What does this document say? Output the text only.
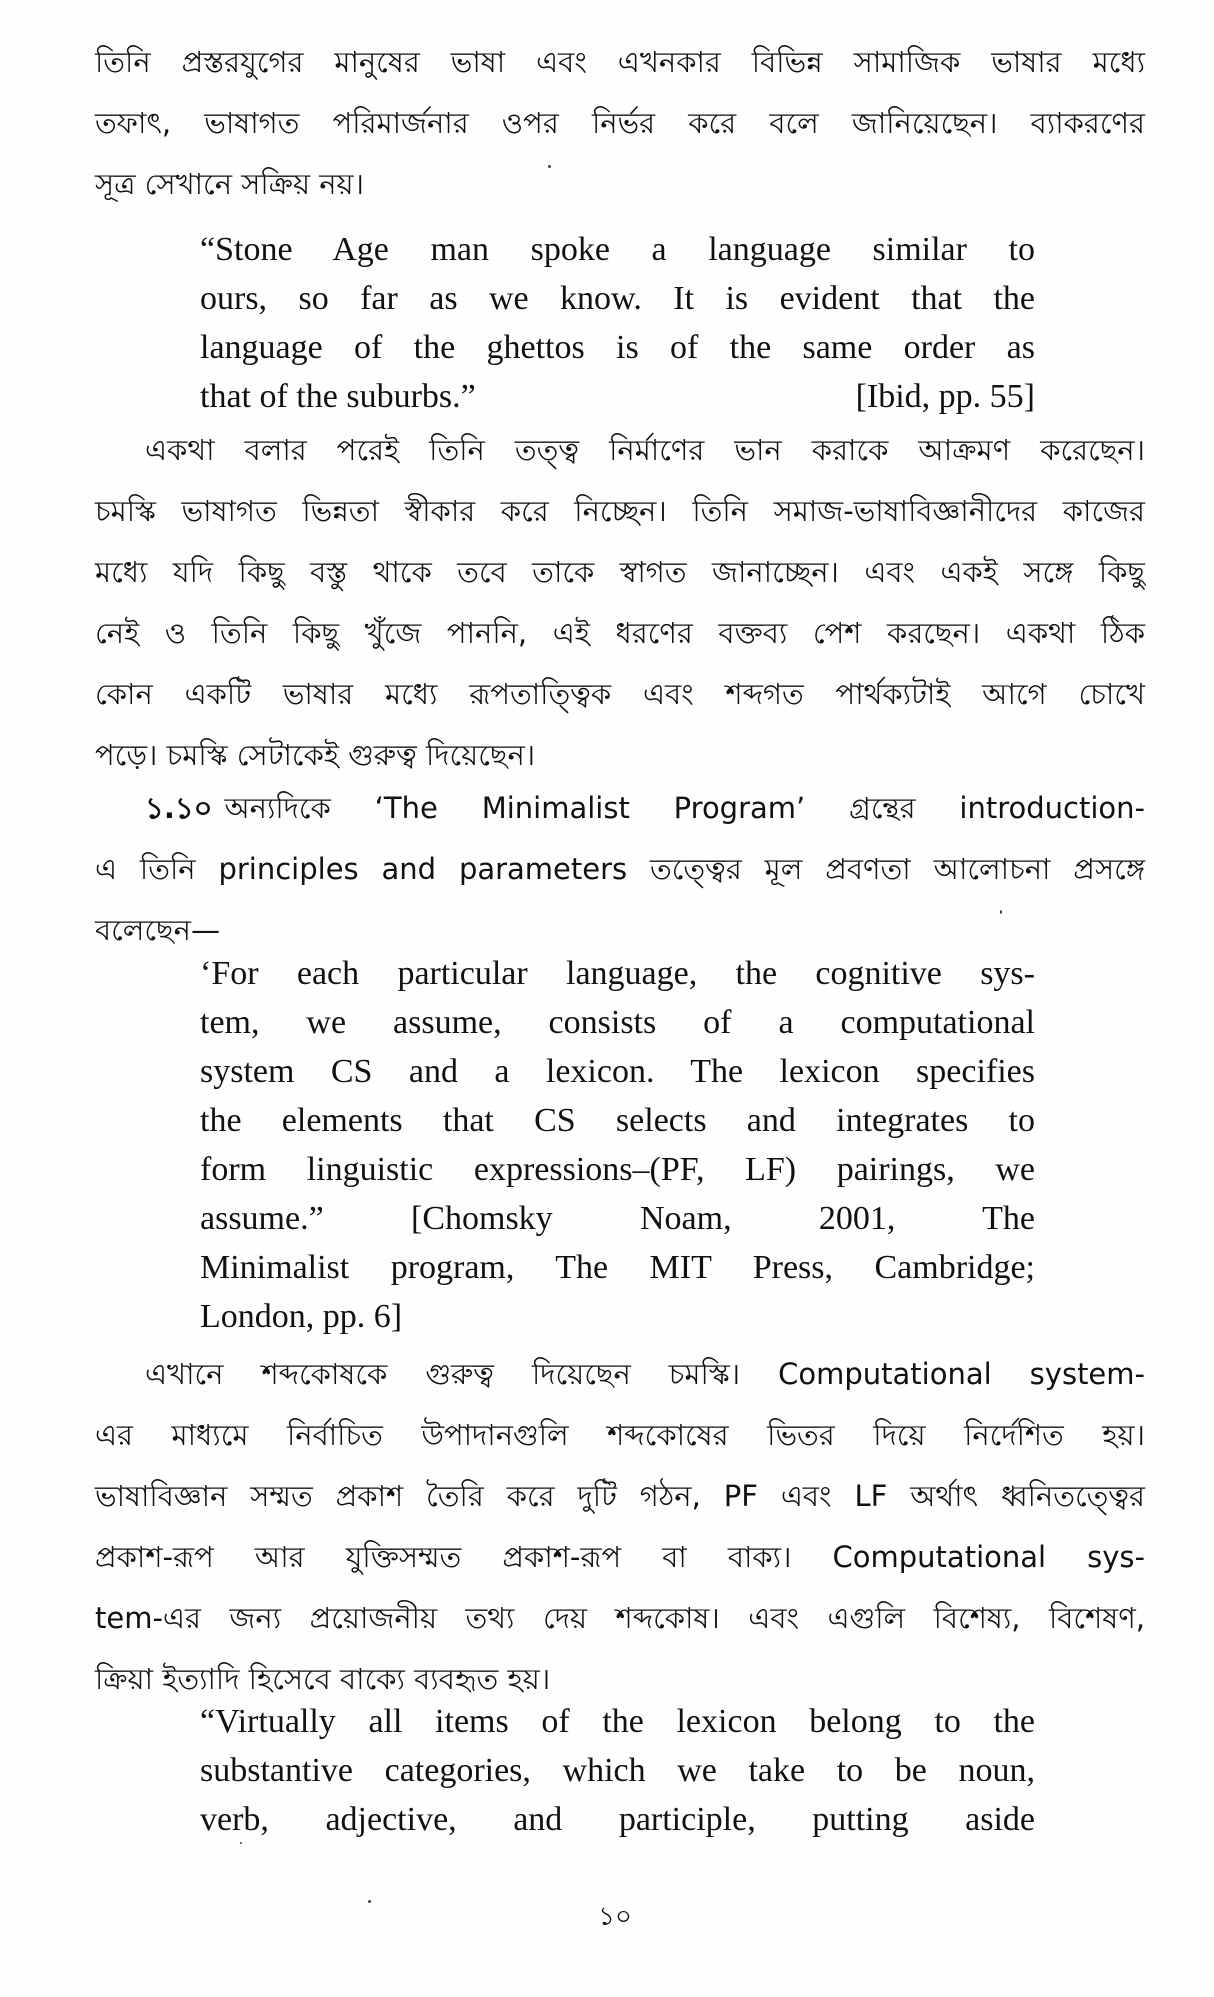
তিনি প্রস্তরযুগের মানুষের ভাষা এবং এখনকার বিভিন্ন সামাজিক ভাষার মধ্যে
তফাৎ, ভাষাগত পরিমার্জনার ওপর নির্ভর করে বলে জানিয়েছেন। ব্যাকরণের
সূত্র সেখানে সক্রিয় নয়।
“Stone Age man spoke a language similar to
ours, so far as we know. It is evident that the
language of the ghettos is of the same order as
that of the suburbs.”	[Ibid, pp. 55]
একথা বলার পরেই তিনি তত্ত্ব নির্মাণের ভান করাকে আক্রমণ করেছেন।
চমস্কি ভাষাগত ভিন্নতা স্বীকার করে নিচ্ছেন। তিনি সমাজ-ভাষাবিজ্ঞানীদের কাজের
মধ্যে যদি কিছু বস্তু থাকে তবে তাকে স্বাগত জানাচ্ছেন। এবং একই সঙ্গে কিছু
নেই ও তিনি কিছু খুঁজে পাননি, এই ধরণের বক্তব্য পেশ করছেন। একথা ঠিক
কোন একটি ভাষার মধ্যে রূপতাত্ত্বিক এবং শব্দগত পার্থক্যটাই আগে চোখে
পড়ে। চমস্কি সেটাকেই গুরুত্ব দিয়েছেন।
১.১০ অন্যদিকে ‘The Minimalist Program’ গ্রন্থের introduction-
এ তিনি principles and parameters তত্ত্বের মূল প্রবণতা আলোচনা প্রসঙ্গে
বলেছেন—
‘For each particular language, the cognitive sys-
tem, we assume, consists of a computational
system CS and a lexicon. The lexicon specifies
the elements that CS selects and integrates to
form linguistic expressions–(PF, LF) pairings, we
assume.” [Chomsky Noam, 2001, The
Minimalist program, The MIT Press, Cambridge;
London, pp. 6]
এখানে শব্দকোষকে গুরুত্ব দিয়েছেন চমস্কি। Computational system-
এর মাধ্যমে নির্বাচিত উপাদানগুলি শব্দকোষের ভিতর দিয়ে নির্দেশিত হয়।
ভাষাবিজ্ঞান সম্মত প্রকাশ তৈরি করে দুটি গঠন, PF এবং LF অর্থাৎ ধ্বনিতত্ত্বের
প্রকাশ-রূপ আর যুক্তিসম্মত প্রকাশ-রূপ বা বাক্য। Computational sys-
tem-এর জন্য প্রয়োজনীয় তথ্য দেয় শব্দকোষ। এবং এগুলি বিশেষ্য, বিশেষণ,
ক্রিয়া ইত্যাদি হিসেবে বাক্যে ব্যবহৃত হয়।
“Virtually all items of the lexicon belong to the
substantive categories, which we take to be noun,
verb, adjective, and participle, putting aside
১০
